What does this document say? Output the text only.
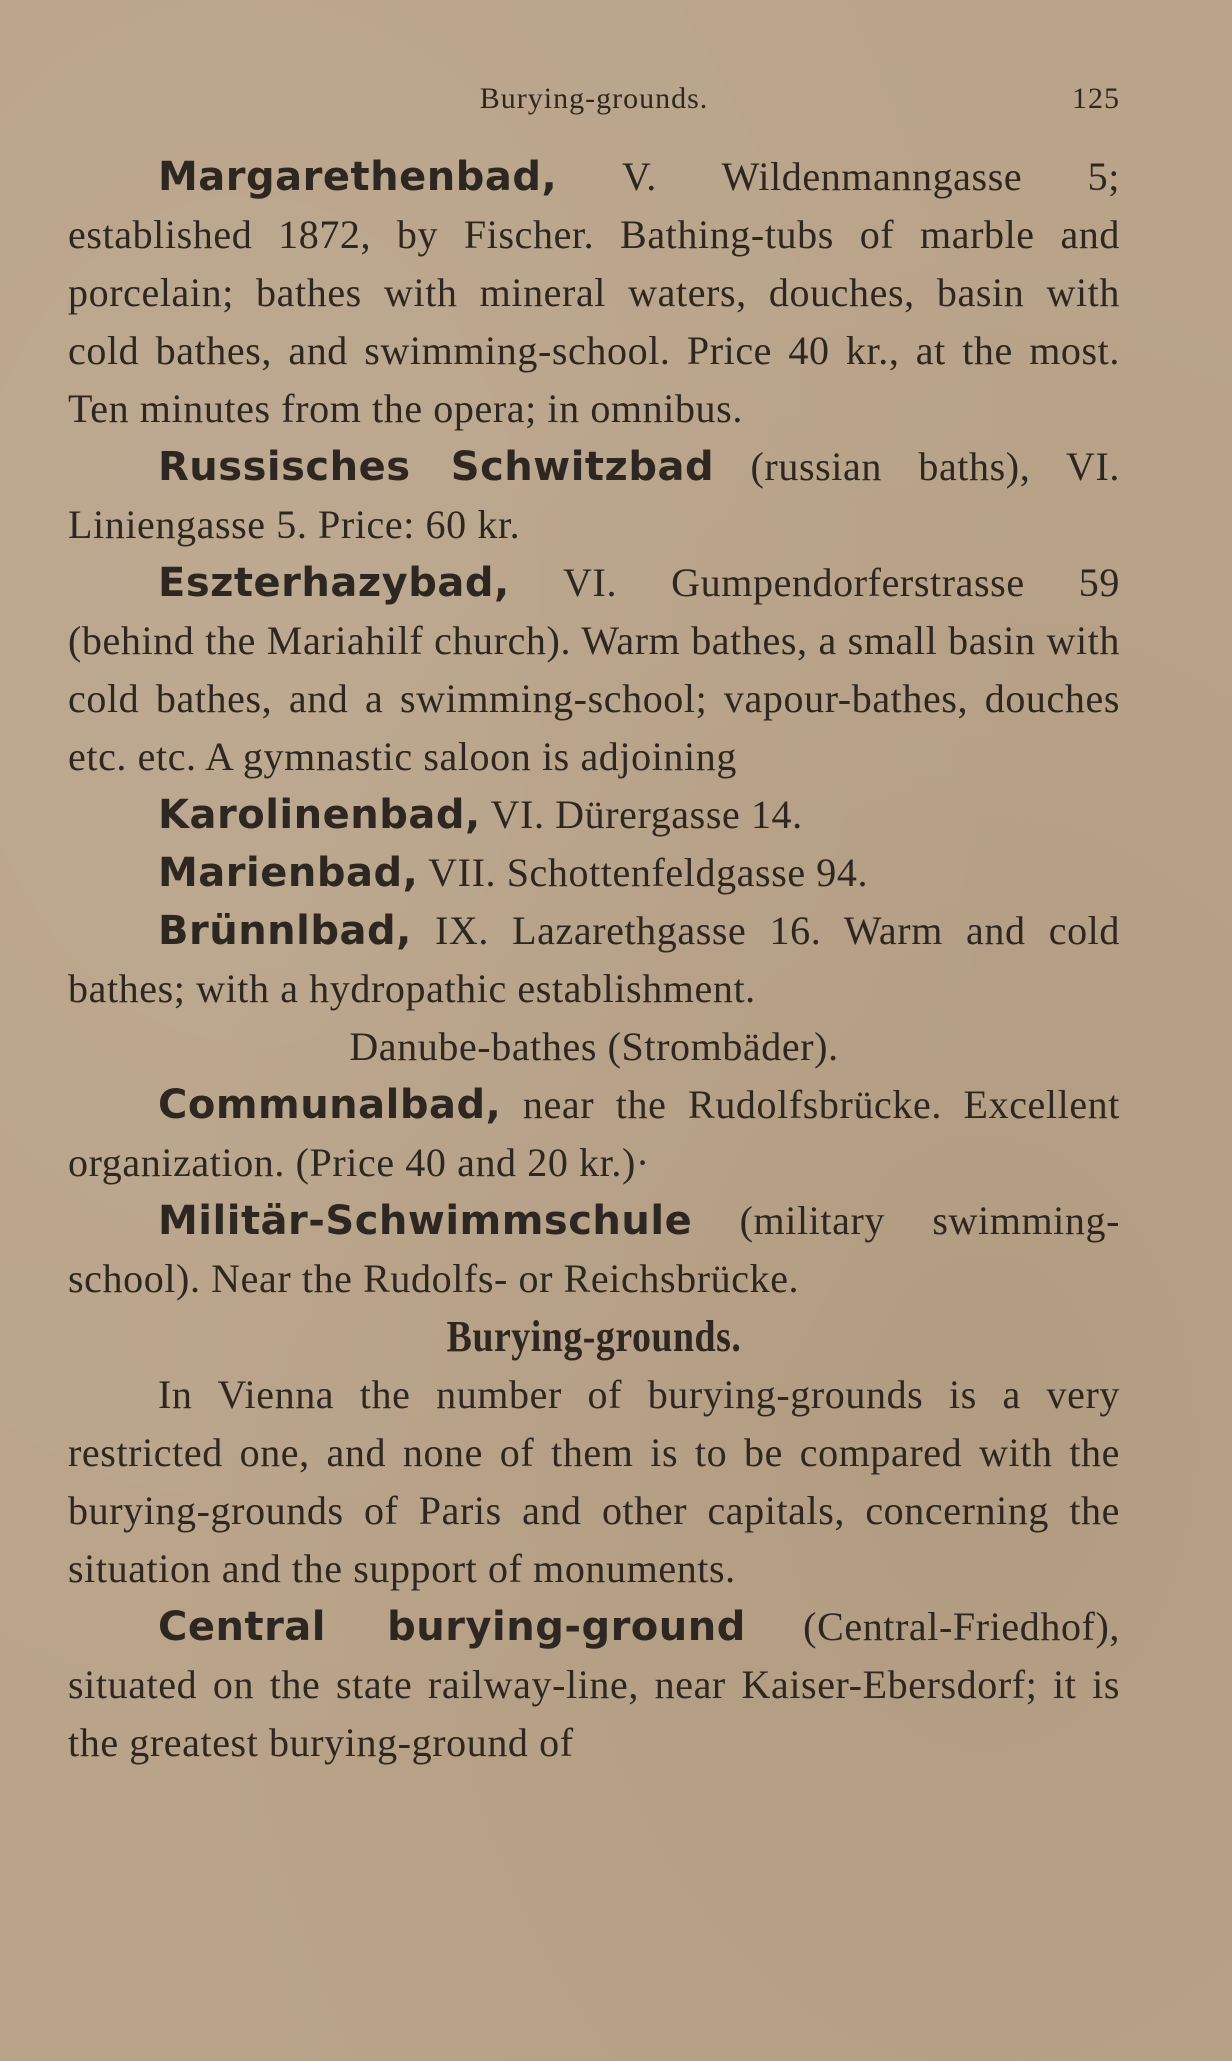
Burying-grounds.	125

Margarethenbad, V. Wildenmanngasse 5; established 1872, by Fischer. Bathing-tubs of marble and porcelain; bathes with mineral waters, douches, basin with cold bathes, and swimming-school. Price 40 kr., at the most. Ten minutes from the opera; in omnibus.

Russisches Schwitzbad (russian baths), VI. Liniengasse 5. Price: 60 kr.

Eszterhazybad, VI. Gumpendorferstrasse 59 (behind the Mariahilf church). Warm bathes, a small basin with cold bathes, and a swimming-school; vapour-bathes, douches etc. etc. A gymnastic saloon is adjoining

Karolinenbad, VI. Dürergasse 14.

Marienbad, VII. Schottenfeldgasse 94.

Brünnlbad, IX. Lazarethgasse 16. Warm and cold bathes; with a hydropathic establishment.

Danube-bathes (Strombäder).

Communalbad, near the Rudolfsbrücke. Excellent organization. (Price 40 and 20 kr.)·

Militär-Schwimmschule (military swimming-school). Near the Rudolfs- or Reichsbrücke.

Burying-grounds.

In Vienna the number of burying-grounds is a very restricted one, and none of them is to be compared with the burying-grounds of Paris and other capitals, concerning the situation and the support of monuments.

Central burying-ground (Central-Friedhof), situated on the state railway-line, near Kaiser-Ebersdorf; it is the greatest burying-ground of
